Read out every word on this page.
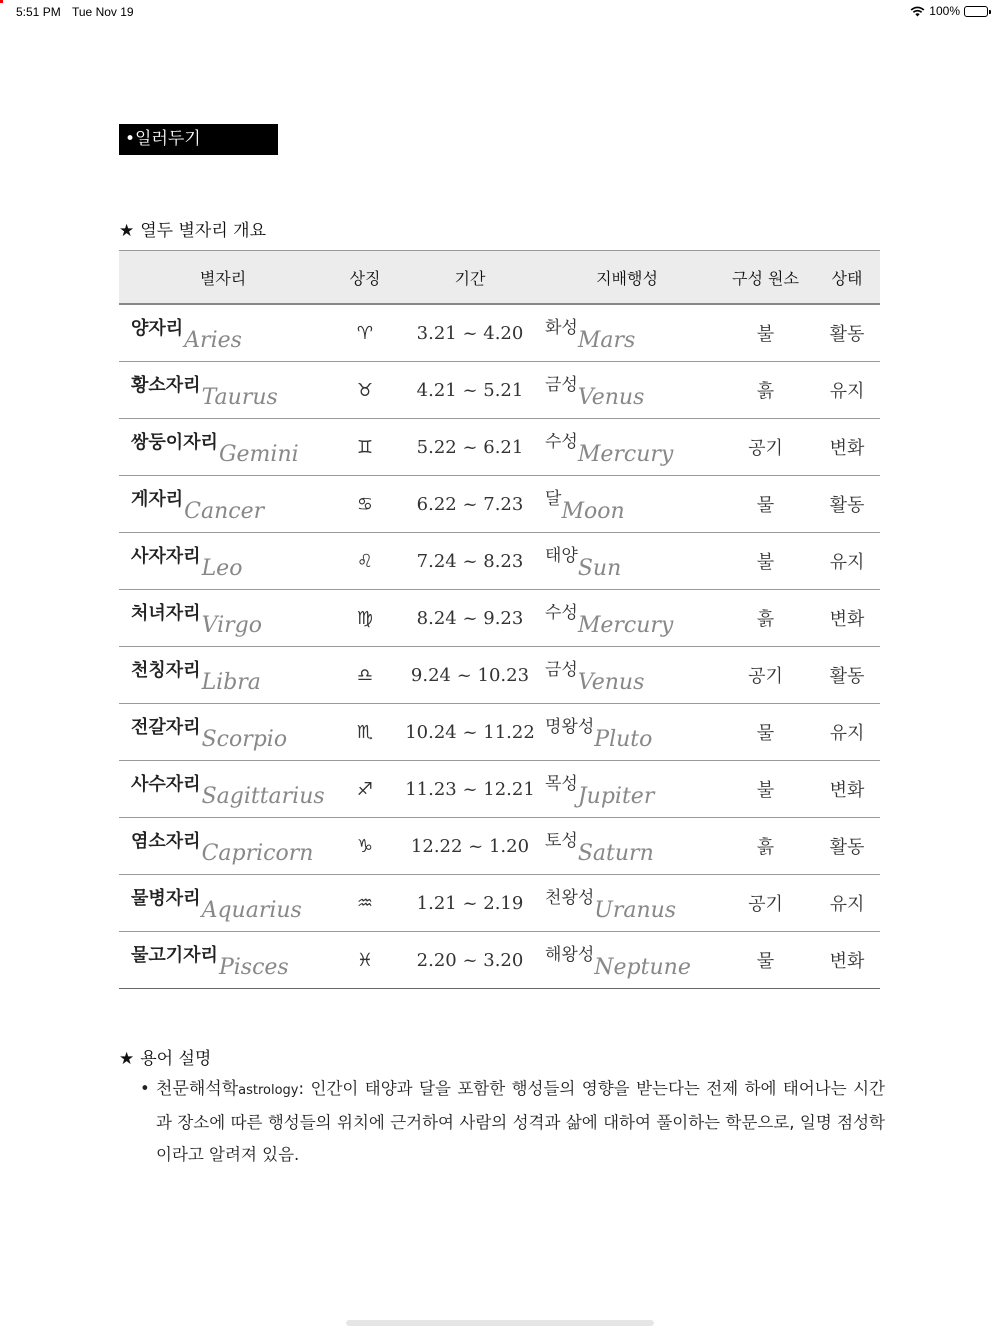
5:51 PM Tue Nov 19	100%
•일러두기
★ 열두 별자리 개요
별자리	상징	기간	지배행성	구성 원소	상태
양자리Aries	♈︎	3.21 ~ 4.20	화성Mars	불	활동
황소자리Taurus	♉︎	4.21 ~ 5.21	금성Venus	흙	유지
쌍둥이자리Gemini	♊︎	5.22 ~ 6.21	수성Mercury	공기	변화
게자리Cancer	♋︎	6.22 ~ 7.23	달Moon	물	활동
사자자리Leo	♌︎	7.24 ~ 8.23	태양Sun	불	유지
처녀자리Virgo	♍︎	8.24 ~ 9.23	수성Mercury	흙	변화
천칭자리Libra	♎︎	9.24 ~ 10.23	금성Venus	공기	활동
전갈자리Scorpio	♏︎	10.24 ~ 11.22	명왕성Pluto	물	유지
사수자리Sagittarius	♐︎	11.23 ~ 12.21	목성Jupiter	불	변화
염소자리Capricorn	♑︎	12.22 ~ 1.20	토성Saturn	흙	활동
물병자리Aquarius	♒︎	1.21 ~ 2.19	천왕성Uranus	공기	유지
물고기자리Pisces	♓︎	2.20 ~ 3.20	해왕성Neptune	물	변화
★ 용어 설명
• 천문해석학astrology: 인간이 태양과 달을 포함한 행성들의 영향을 받는다는 전제 하에 태어나는 시간과 장소에 따른 행성들의 위치에 근거하여 사람의 성격과 삶에 대하여 풀이하는 학문으로, 일명 점성학이라고 알려져 있음.
